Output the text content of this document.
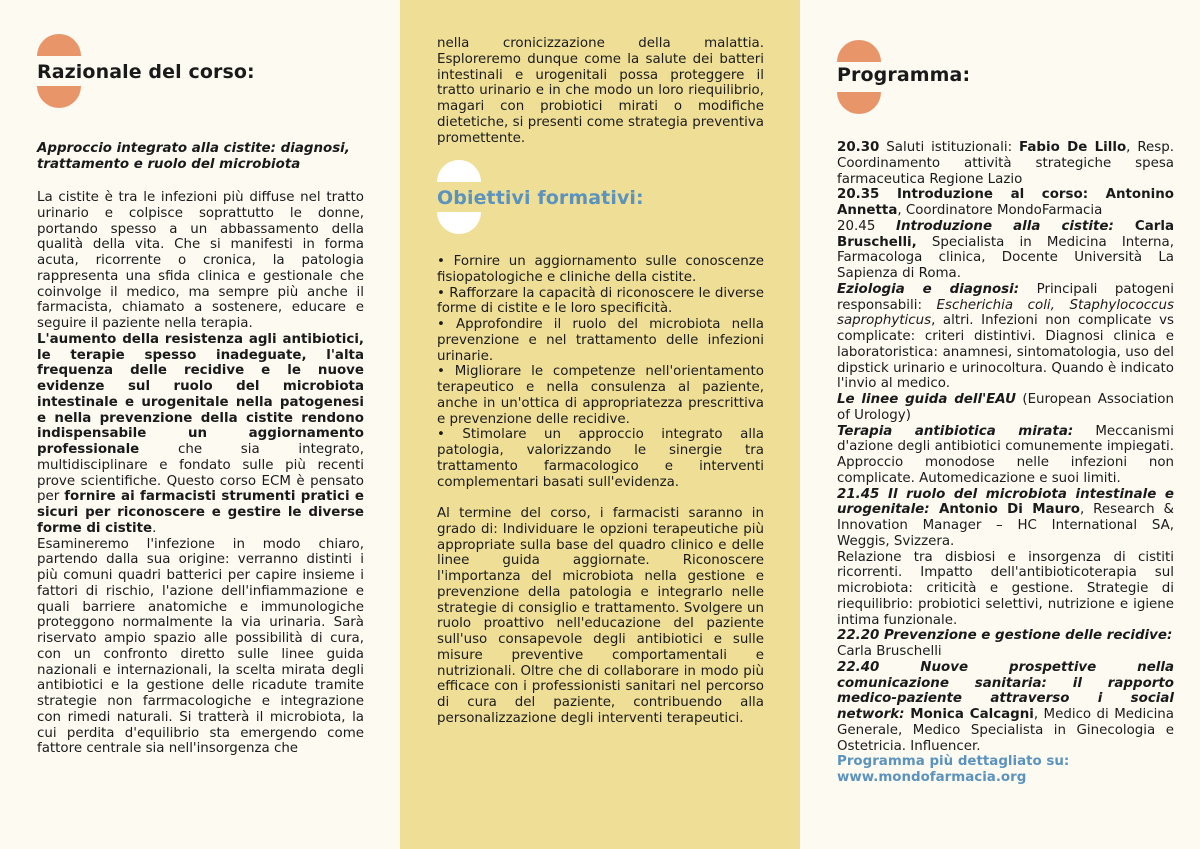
Razionale del corso:
Approccio integrato alla cistite: diagnosi,
trattamento e ruolo del microbiota

La cistite è tra le infezioni più diffuse nel tratto urinario e colpisce soprattutto le donne, portando spesso a un abbassamento della qualità della vita. Che si manifesti in forma acuta, ricorrente o cronica, la patologia rappresenta una sfida clinica e gestionale che coinvolge il medico, ma sempre più anche il farmacista, chiamato a sostenere, educare e seguire il paziente nella terapia.

L'aumento della resistenza agli antibiotici, le terapie spesso inadeguate, l'alta frequenza delle recidive e le nuove evidenze sul ruolo del microbiota intestinale e urogenitale nella patogenesi e nella prevenzione della cistite rendono indispensabile un aggiornamento professionale che sia integrato, multidisciplinare e fondato sulle più recenti prove scientifiche. Questo corso ECM è pensato per fornire ai farmacisti strumenti pratici e sicuri per riconoscere e gestire le diverse forme di cistite.

Esamineremo l'infezione in modo chiaro, partendo dalla sua origine: verranno distinti i più comuni quadri batterici per capire insieme i fattori di rischio, l'azione dell'infiammazione e quali barriere anatomiche e immunologiche proteggono normalmente la via urinaria. Sarà riservato ampio spazio alle possibilità di cura, con un confronto diretto sulle linee guida nazionali e internazionali, la scelta mirata degli antibiotici e la gestione delle ricadute tramite strategie non farrmacologiche e integrazione con rimedi naturali. Si tratterà il microbiota, la cui perdita d'equilibrio sta emergendo come fattore centrale sia nell'insorgenza che

nella cronicizzazione della malattia. Esploreremo dunque come la salute dei batteri intestinali e urogenitali possa proteggere il tratto urinario e in che modo un loro riequilibrio, magari con probiotici mirati o modifiche dietetiche, si presenti come strategia preventiva promettente.
Obiettivi formativi:

• Fornire un aggiornamento sulle conoscenze fisiopatologiche e cliniche della cistite.

• Rafforzare la capacità di riconoscere le diverse forme di cistite e le loro specificità.

• Approfondire il ruolo del microbiota nella prevenzione e nel trattamento delle infezioni urinarie.

• Migliorare le competenze nell'orientamento terapeutico e nella consulenza al paziente, anche in un'ottica di appropriatezza prescrittiva e prevenzione delle recidive.

• Stimolare un approccio integrato alla patologia, valorizzando le sinergie tra trattamento farmacologico e interventi complementari basati sull'evidenza.

Al termine del corso, i farmacisti saranno in grado di: Individuare le opzioni terapeutiche più appropriate sulla base del quadro clinico e delle linee guida aggiornate. Riconoscere l'importanza del microbiota nella gestione e prevenzione della patologia e integrarlo nelle strategie di consiglio e trattamento. Svolgere un ruolo proattivo nell'educazione del paziente sull'uso consapevole degli antibiotici e sulle misure preventive comportamentali e nutrizionali. Oltre che di collaborare in modo più efficace con i professionisti sanitari nel percorso di cura del paziente, contribuendo alla personalizzazione degli interventi terapeutici.

Programma:

20.30 Saluti istituzionali: Fabio De Lillo, Resp. Coordinamento attività strategiche spesa farmaceutica Regione Lazio

20.35 Introduzione al corso: Antonino Annetta, Coordinatore MondoFarmacia

20.45 Introduzione alla cistite: Carla Bruschelli, Specialista in Medicina Interna, Farmacologa clinica, Docente Università La Sapienza di Roma.

Eziologia e diagnosi: Principali patogeni responsabili: Escherichia coli, Staphylococcus saprophyticus, altri. Infezioni non complicate vs complicate: criteri distintivi. Diagnosi clinica e laboratoristica: anamnesi, sintomatologia, uso del dipstick urinario e urinocoltura. Quando è indicato l'invio al medico.

Le linee guida dell'EAU (European Association of Urology)

Terapia antibiotica mirata: Meccanismi d'azione degli antibiotici comunemente impiegati. Approccio monodose nelle infezioni non complicate. Automedicazione e suoi limiti.

21.45 Il ruolo del microbiota intestinale e urogenitale: Antonio Di Mauro, Research & Innovation Manager – HC International SA, Weggis, Svizzera.

Relazione tra disbiosi e insorgenza di cistiti ricorrenti. Impatto dell'antibioticoterapia sul microbiota: criticità e gestione. Strategie di riequilibrio: probiotici selettivi, nutrizione e igiene intima funzionale.

22.20 Prevenzione e gestione delle recidive:
Carla Bruschelli

22.40 Nuove prospettive nella comunicazione sanitaria: il rapporto medico-paziente attraverso i social network: Monica Calcagni, Medico di Medicina Generale, Medico Specialista in Ginecologia e Ostetricia. Influencer.

Programma più dettagliato su:

www.mondofarmacia.org
